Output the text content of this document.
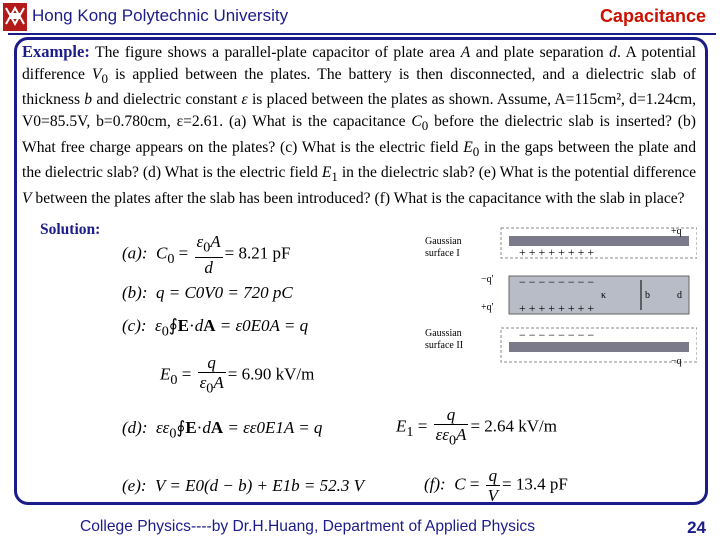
Hong Kong Polytechnic University	Capacitance
Example: The figure shows a parallel-plate capacitor of plate area A and plate separation d. A potential difference $V_0$ is applied between the plates. The battery is then disconnected, and a dielectric slab of thickness b and dielectric constant ε is placed between the plates as shown. Assume, A=115cm², d=1.24cm, V0=85.5V, b=0.780cm, ε=2.61. (a) What is the capacitance $C_0$ before the dielectric slab is inserted? (b) What free charge appears on the plates? (c) What is the electric field $E_0$ in the gaps between the plate and the dielectric slab? (d) What is the electric field $E_1$ in the dielectric slab? (e) What is the potential difference V between the plates after the slab has been introduced? (f) What is the capacitance with the slab in place?
Solution:
+ + + + + + + +
− − − − − − − −
+ + + + + + + +
− − − − − − − −
Gaussian
surface I
Gaussian
surface II
+q
−q'
+q'
−q
d
κ	b
(a): $C_0 = \frac{\varepsilon_0A}{d} = 8.21$ pF
(b): q = C0V0 = 720 pC
(c): $\varepsilon_0∮E\cdot dA = \varepsilon 0E0A = q$
$E_0 = \frac{q}{\varepsilon_0A} = 6.90$ kV/m
(d): $\varepsilon\varepsilon_0∮E\cdot dA = \varepsilon\varepsilon 0E1A = q$	$E_1 = \frac{q}{\varepsilon\varepsilon_0A} = 2.64$ kV/m
(e): V = E0(d − b) + E1b = 52.3 V	(f): $C = \frac{q}{V} = 13.4$ pF
College Physics----by Dr.H.Huang, Department of Applied Physics	24
